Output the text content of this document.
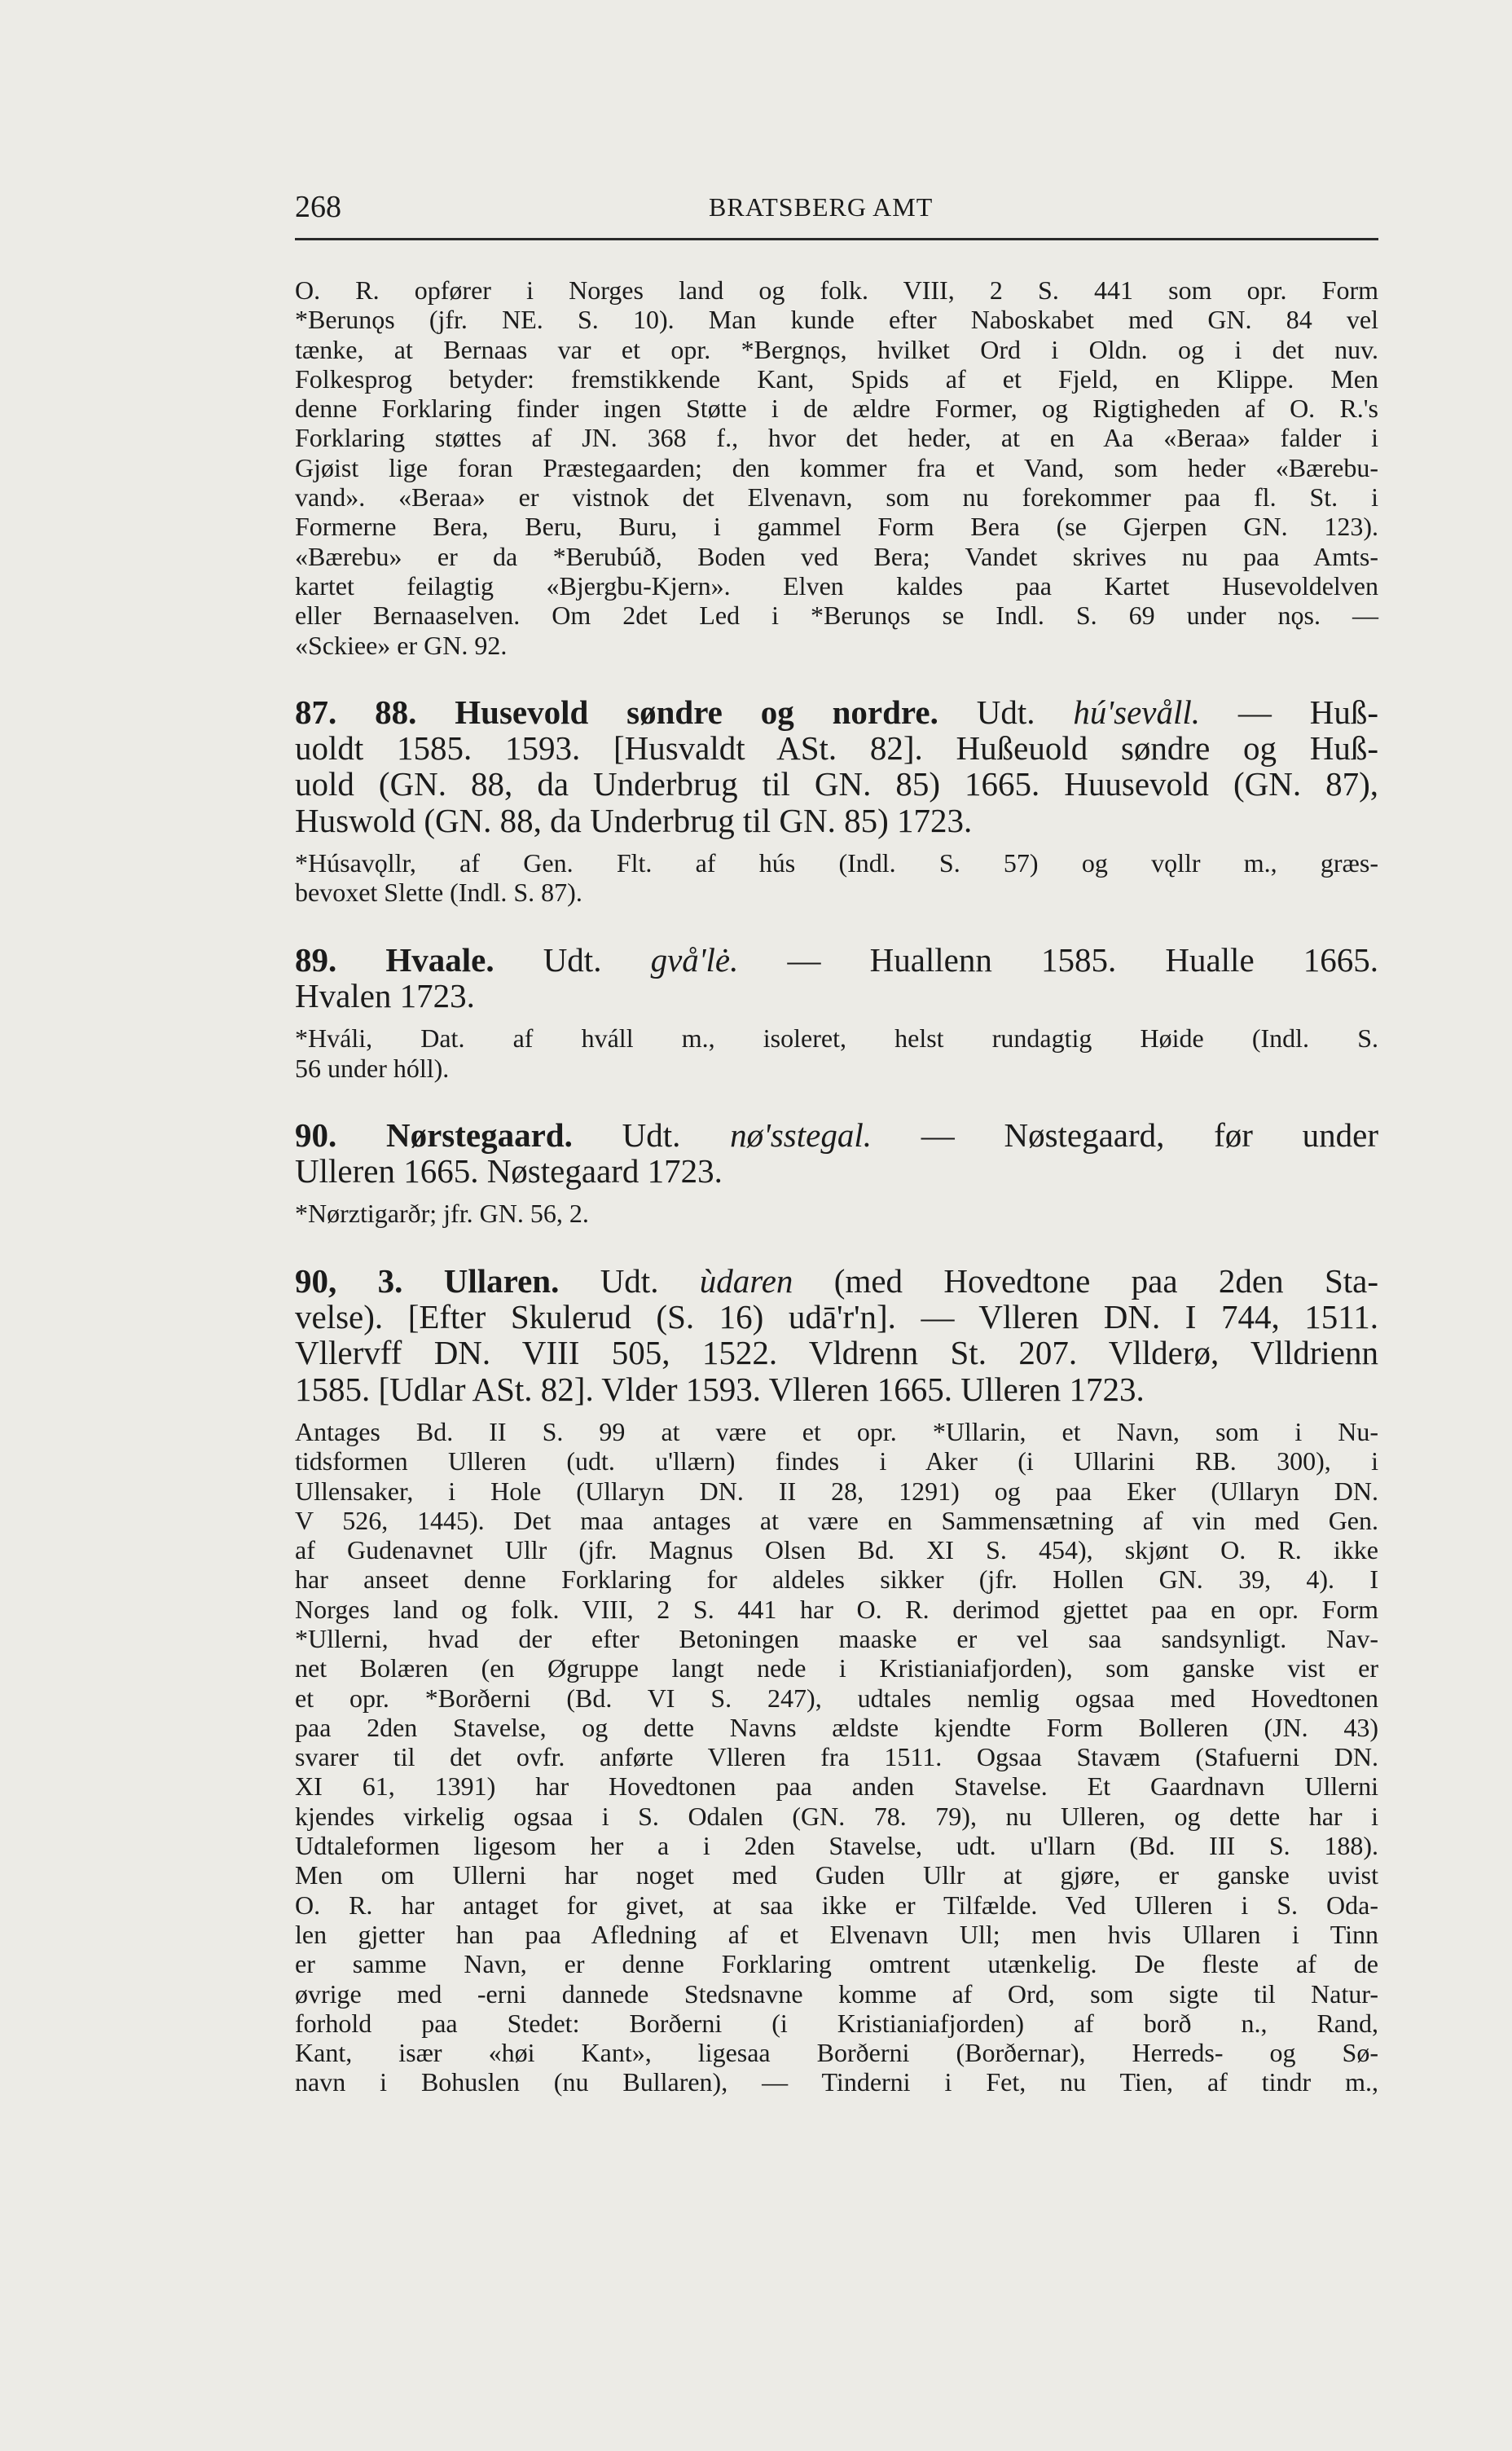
268	BRATSBERG AMT

O. R. opfører i Norges land og folk. VIII, 2 S. 441 som opr. Form

*Berunǫs (jfr. NE. S. 10). Man kunde efter Naboskabet med GN. 84 vel

tænke, at Bernaas var et opr. *Bergnǫs, hvilket Ord i Oldn. og i det nuv.

Folkesprog betyder: fremstikkende Kant, Spids af et Fjeld, en Klippe. Men

denne Forklaring finder ingen Støtte i de ældre Former, og Rigtigheden af O. R.'s

Forklaring støttes af JN. 368 f., hvor det heder, at en Aa «Beraa» falder i

Gjøist lige foran Præstegaarden; den kommer fra et Vand, som heder «Bærebu-

vand». «Beraa» er vistnok det Elvenavn, som nu forekommer paa fl. St. i

Formerne Bera, Beru, Buru, i gammel Form Bera (se Gjerpen GN. 123).

«Bærebu» er da *Berubúð, Boden ved Bera; Vandet skrives nu paa Amts-

kartet feilagtig «Bjergbu-Kjern». Elven kaldes paa Kartet Husevoldelven

eller Bernaaselven. Om 2det Led i *Berunǫs se Indl. S. 69 under nǫs. —

«Sckiee» er GN. 92.

87. 88. Husevold søndre og nordre. Udt. hú'sevåll. — Huß-

uoldt 1585. 1593. [Husvaldt ASt. 82]. Hußeuold søndre og Huß-

uold (GN. 88, da Underbrug til GN. 85) 1665. Huusevold (GN. 87),

Huswold (GN. 88, da Underbrug til GN. 85) 1723.

*Húsavǫllr, af Gen. Flt. af hús (Indl. S. 57) og vǫllr m., græs-

bevoxet Slette (Indl. S. 87).

89. Hvaale. Udt. gvå'lė. — Huallenn 1585. Hualle 1665.

Hvalen 1723.

*Hváli, Dat. af hváll m., isoleret, helst rundagtig Høide (Indl. S.

56 under hóll).

90. Nørstegaard. Udt. nø'sstegal. — Nøstegaard, før under

Ulleren 1665. Nøstegaard 1723.

*Nørztigarðr; jfr. GN. 56, 2.

90, 3. Ullaren. Udt. ùdaren (med Hovedtone paa 2den Sta-

velse). [Efter Skulerud (S. 16) udā'r'n]. — Vlleren DN. I 744, 1511.

Vllervff DN. VIII 505, 1522. Vldrenn St. 207. Vllderø, Vlldrienn

1585. [Udlar ASt. 82]. Vlder 1593. Vlleren 1665. Ulleren 1723.

Antages Bd. II S. 99 at være et opr. *Ullarin, et Navn, som i Nu-

tidsformen Ulleren (udt. u'llærn) findes i Aker (i Ullarini RB. 300), i

Ullensaker, i Hole (Ullaryn DN. II 28, 1291) og paa Eker (Ullaryn DN.

V 526, 1445). Det maa antages at være en Sammensætning af vin med Gen.

af Gudenavnet Ullr (jfr. Magnus Olsen Bd. XI S. 454), skjønt O. R. ikke

har anseet denne Forklaring for aldeles sikker (jfr. Hollen GN. 39, 4). I

Norges land og folk. VIII, 2 S. 441 har O. R. derimod gjettet paa en opr. Form

*Ullerni, hvad der efter Betoningen maaske er vel saa sandsynligt. Nav-

net Bolæren (en Øgruppe langt nede i Kristianiafjorden), som ganske vist er

et opr. *Borðerni (Bd. VI S. 247), udtales nemlig ogsaa med Hovedtonen

paa 2den Stavelse, og dette Navns ældste kjendte Form Bolleren (JN. 43)

svarer til det ovfr. anførte Vlleren fra 1511. Ogsaa Stavæm (Stafuerni DN.

XI 61, 1391) har Hovedtonen paa anden Stavelse. Et Gaardnavn Ullerni

kjendes virkelig ogsaa i S. Odalen (GN. 78. 79), nu Ulleren, og dette har i

Udtaleformen ligesom her a i 2den Stavelse, udt. u'llarn (Bd. III S. 188).

Men om Ullerni har noget med Guden Ullr at gjøre, er ganske uvist

O. R. har antaget for givet, at saa ikke er Tilfælde. Ved Ulleren i S. Oda-

len gjetter han paa Afledning af et Elvenavn Ull; men hvis Ullaren i Tinn

er samme Navn, er denne Forklaring omtrent utænkelig. De fleste af de

øvrige med -erni dannede Stedsnavne komme af Ord, som sigte til Natur-

forhold paa Stedet: Borðerni (i Kristianiafjorden) af borð n., Rand,

Kant, især «høi Kant», ligesaa Borðerni (Borðernar), Herreds- og Sø-

navn i Bohuslen (nu Bullaren), — Tinderni i Fet, nu Tien, af tindr m.,
